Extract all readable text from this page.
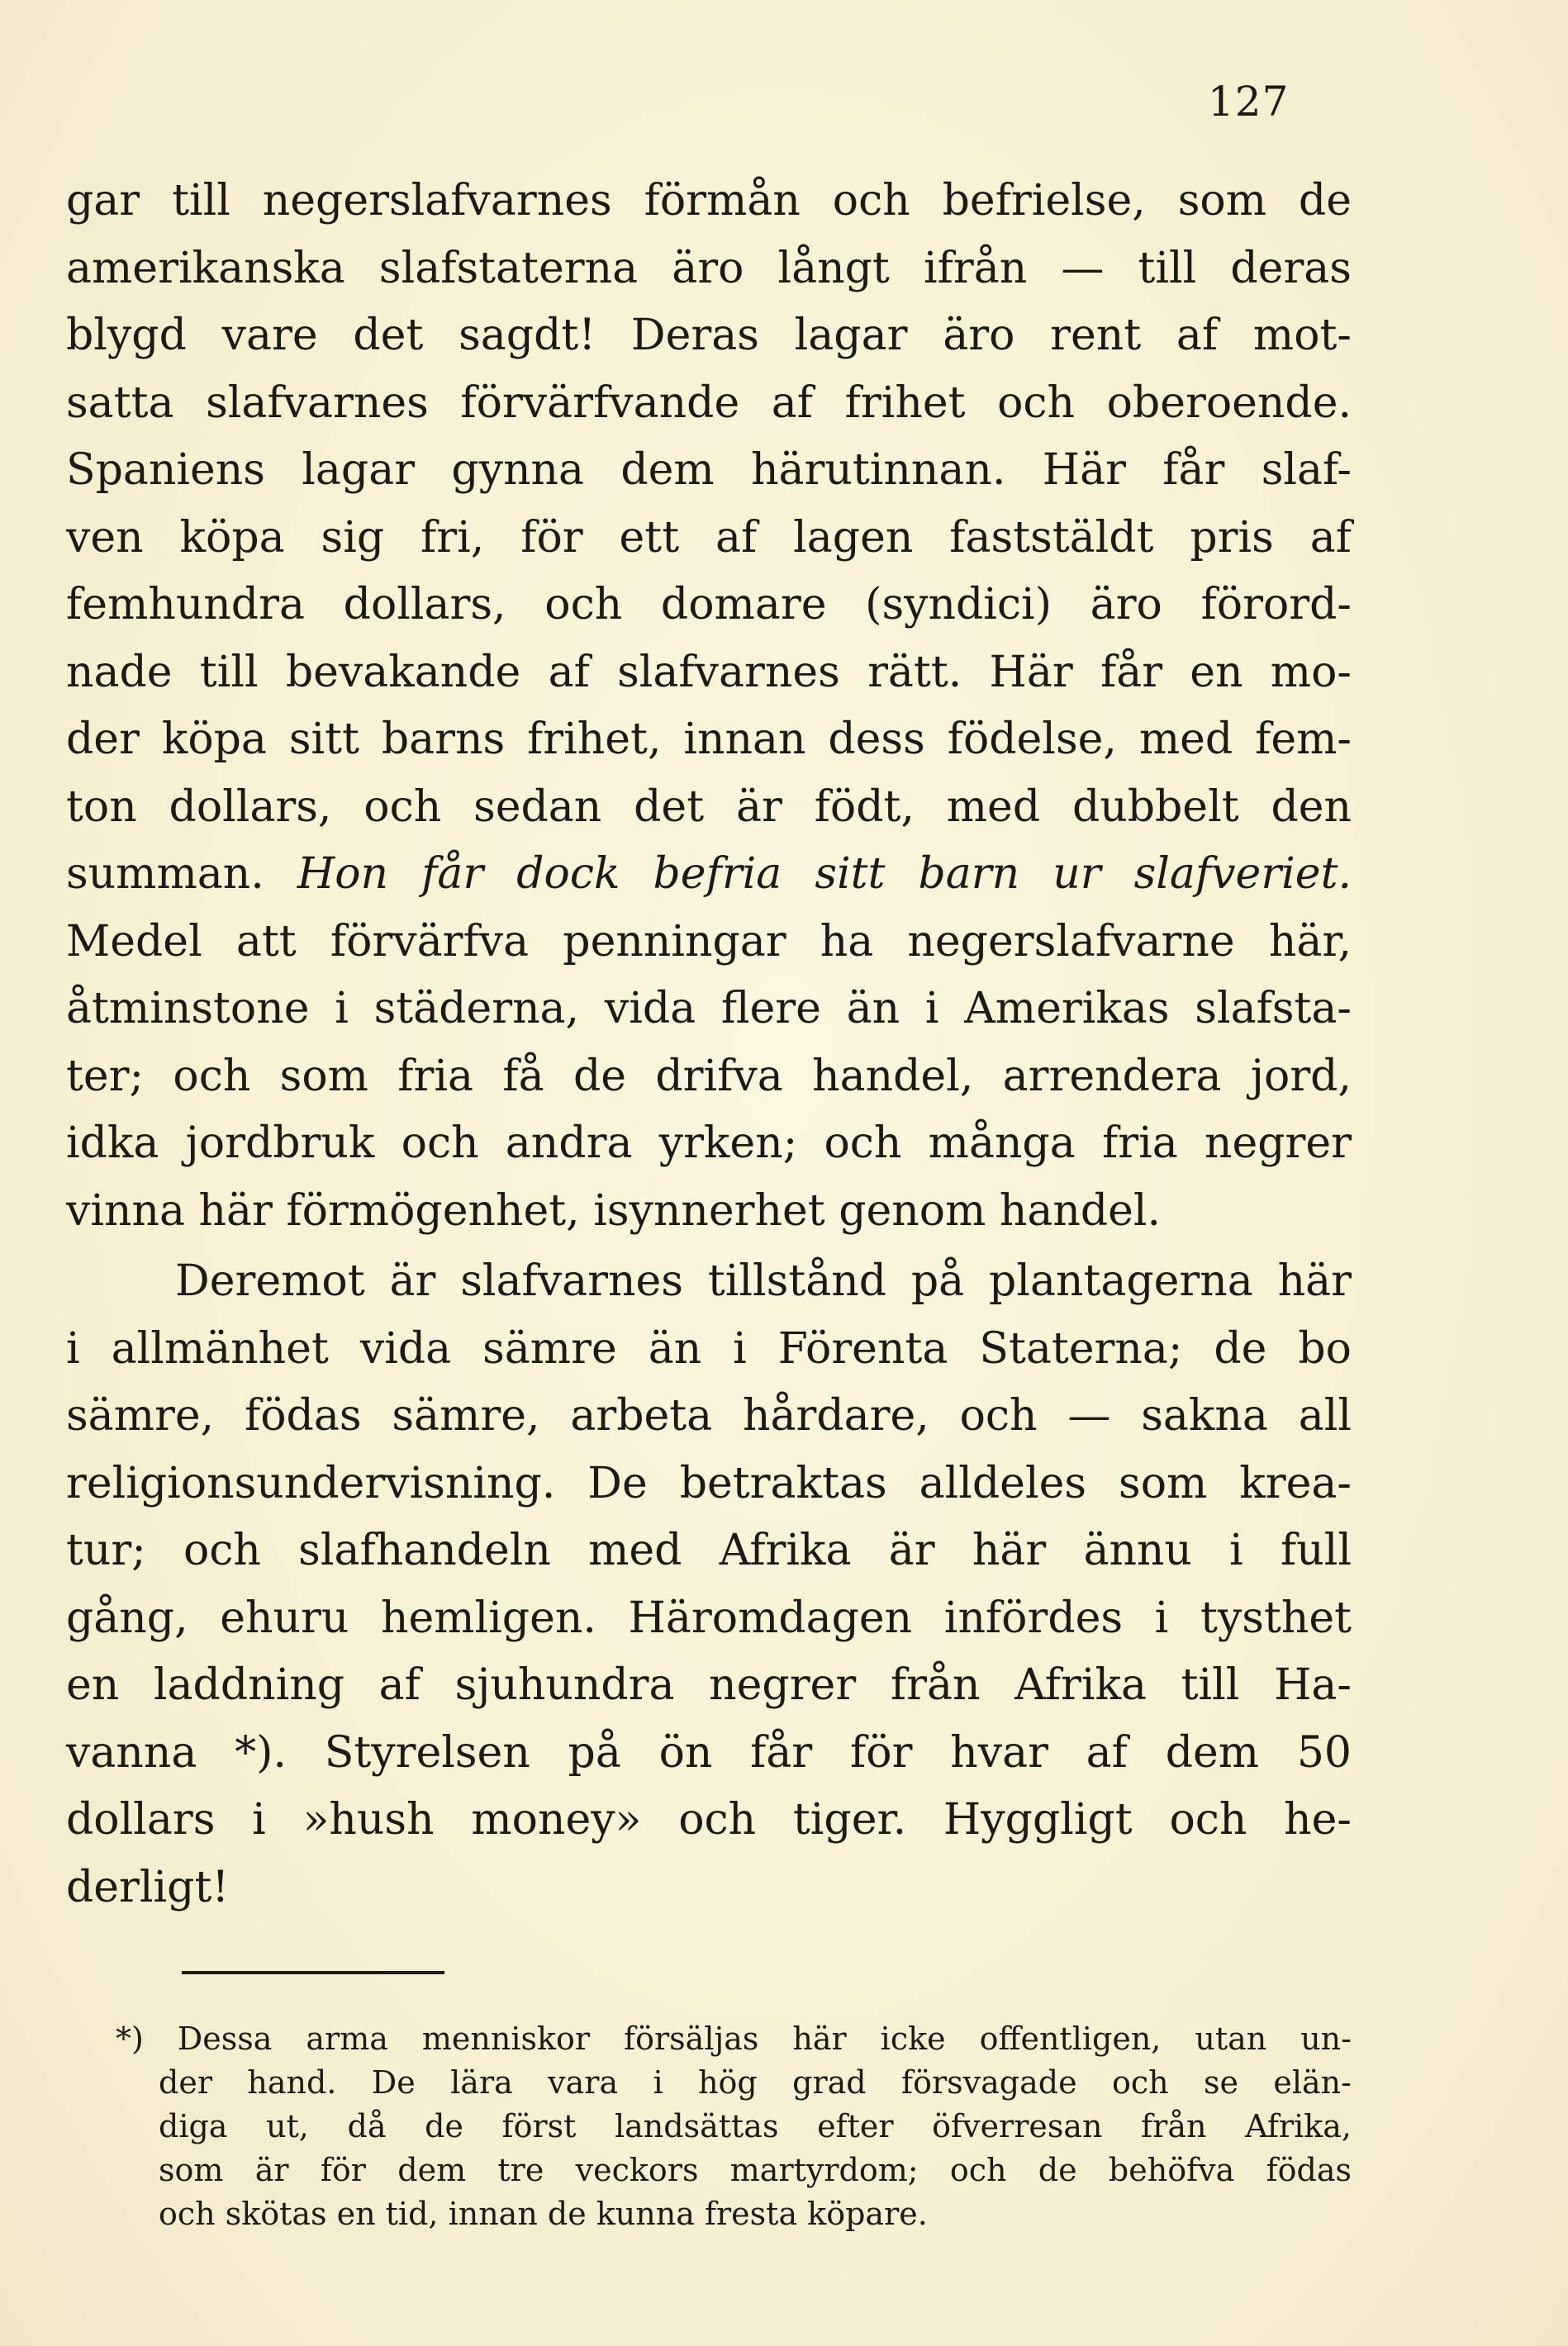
127
gar till negerslafvarnes förmån och befrielse, som de
amerikanska slafstaterna äro långt ifrån — till deras
blygd vare det sagdt! Deras lagar äro rent af mot-
satta slafvarnes förvärfvande af frihet och oberoende.
Spaniens lagar gynna dem härutinnan. Här får slaf-
ven köpa sig fri, för ett af lagen faststäldt pris af
femhundra dollars, och domare (syndici) äro förord-
nade till bevakande af slafvarnes rätt. Här får en mo-
der köpa sitt barns frihet, innan dess födelse, med fem-
ton dollars, och sedan det är födt, med dubbelt den
summan. Hon får dock befria sitt barn ur slafveriet.
Medel att förvärfva penningar ha negerslafvarne här,
åtminstone i städerna, vida flere än i Amerikas slafsta-
ter; och som fria få de drifva handel, arrendera jord,
idka jordbruk och andra yrken; och många fria negrer
vinna här förmögenhet, isynnerhet genom handel.
Deremot är slafvarnes tillstånd på plantagerna här
i allmänhet vida sämre än i Förenta Staterna; de bo
sämre, födas sämre, arbeta hårdare, och — sakna all
religionsundervisning. De betraktas alldeles som krea-
tur; och slafhandeln med Afrika är här ännu i full
gång, ehuru hemligen. Häromdagen infördes i tysthet
en laddning af sjuhundra negrer från Afrika till Ha-
vanna *). Styrelsen på ön får för hvar af dem 50
dollars i »hush money» och tiger. Hyggligt och he-
derligt!
*) Dessa arma menniskor försäljas här icke offentligen, utan un-
der hand. De lära vara i hög grad försvagade och se elän-
diga ut, då de först landsättas efter öfverresan från Afrika,
som är för dem tre veckors martyrdom; och de behöfva födas
och skötas en tid, innan de kunna fresta köpare.
